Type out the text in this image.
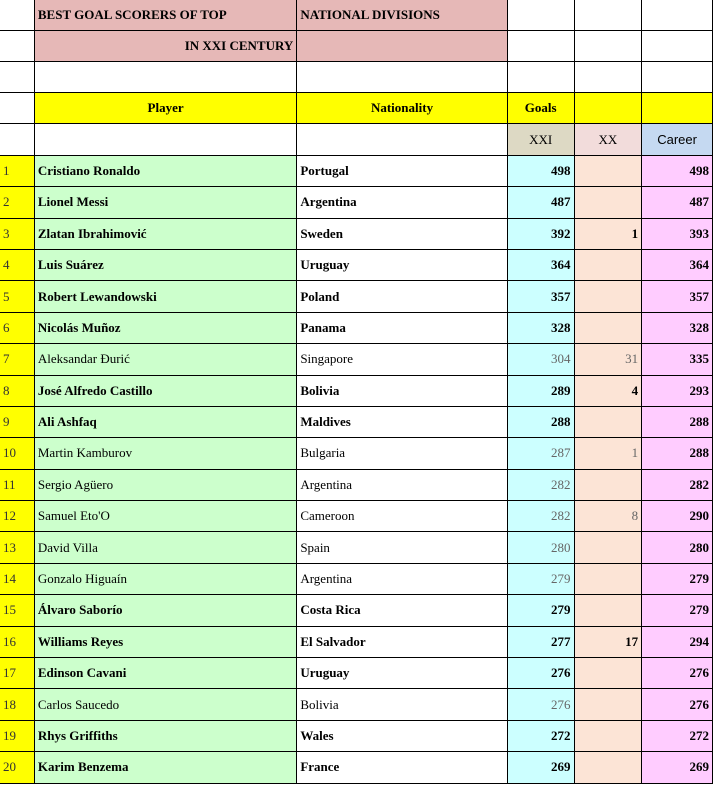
	BEST GOAL SCORERS OF TOP	NATIONAL DIVISIONS			
	IN XXI CENTURY				

	Player	Nationality	Goals		
			XXI	XX	Career
1	Cristiano Ronaldo	Portugal	498		498
2	Lionel Messi	Argentina	487		487
3	Zlatan Ibrahimović	Sweden	392	1	393
4	Luis Suárez	Uruguay	364		364
5	Robert Lewandowski	Poland	357		357
6	Nicolás Muñoz	Panama	328		328
7	Aleksandar Đurić	Singapore	304	31	335
8	José Alfredo Castillo	Bolivia	289	4	293
9	Ali Ashfaq	Maldives	288		288
10	Martin Kamburov	Bulgaria	287	1	288
11	Sergio Agüero	Argentina	282		282
12	Samuel Eto'O	Cameroon	282	8	290
13	David Villa	Spain	280		280
14	Gonzalo Higuaín	Argentina	279		279
15	Álvaro Saborío	Costa Rica	279		279
16	Williams Reyes	El Salvador	277	17	294
17	Edinson Cavani	Uruguay	276		276
18	Carlos Saucedo	Bolivia	276		276
19	Rhys Griffiths	Wales	272		272
20	Karim Benzema	France	269		269
